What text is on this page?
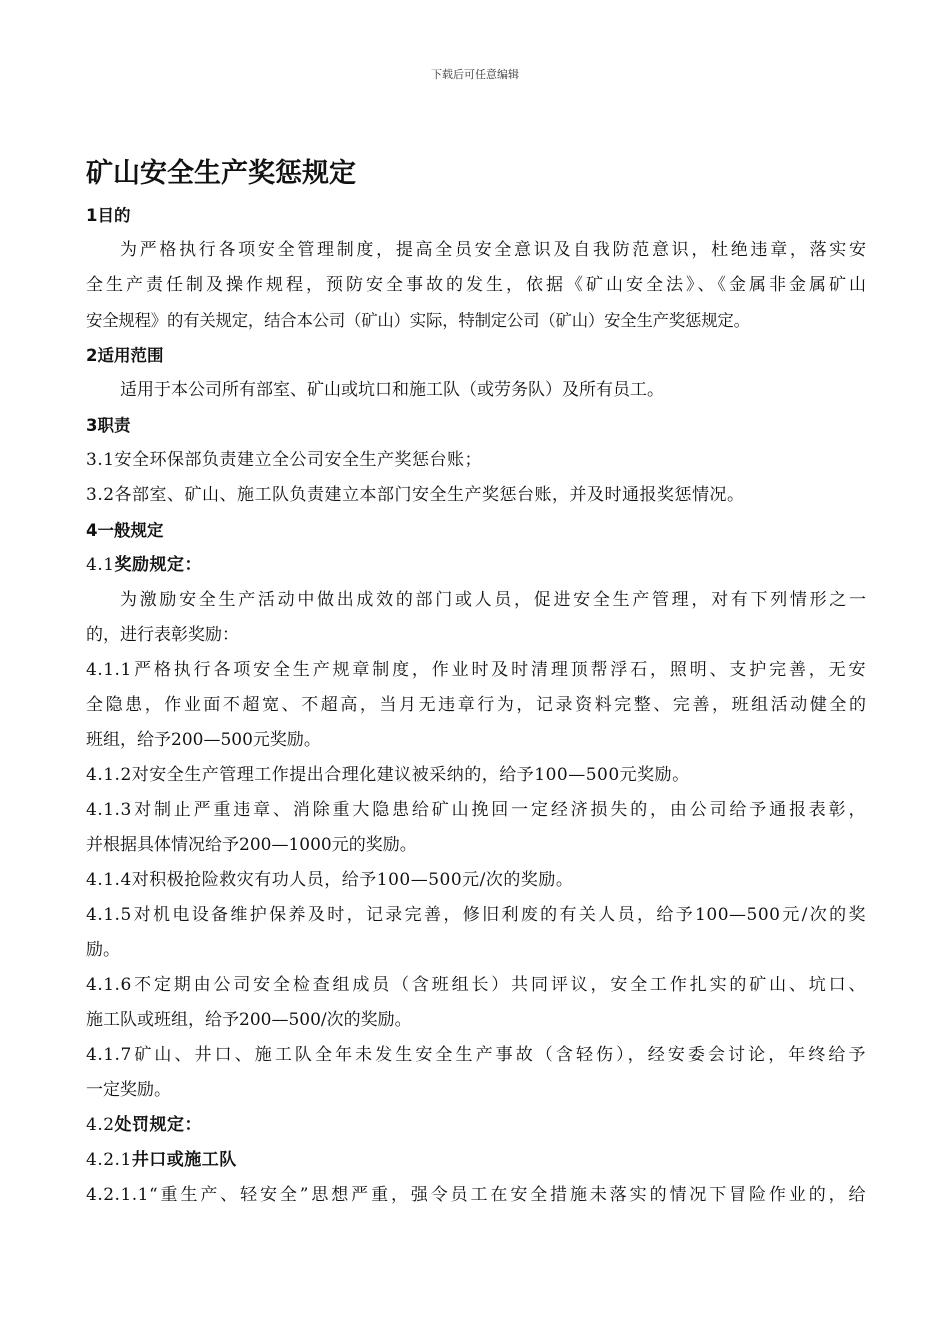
下载后可任意编辑
矿山安全生产奖惩规定
1目的
为严格执行各项安全管理制度，提高全员安全意识及自我防范意识，杜绝违章，落实安
全生产责任制及操作规程，预防安全事故的发生，依据《矿山安全法》、《金属非金属矿山
安全规程》的有关规定，结合本公司（矿山）实际，特制定公司（矿山）安全生产奖惩规定。
2适用范围
适用于本公司所有部室、矿山或坑口和施工队（或劳务队）及所有员工。
3职责
3.1安全环保部负责建立全公司安全生产奖惩台账；
3.2各部室、矿山、施工队负责建立本部门安全生产奖惩台账，并及时通报奖惩情况。
4一般规定
4.1奖励规定：
为激励安全生产活动中做出成效的部门或人员，促进安全生产管理，对有下列情形之一
的，进行表彰奖励：
4.1.1严格执行各项安全生产规章制度，作业时及时清理顶帮浮石，照明、支护完善，无安
全隐患，作业面不超宽、不超高，当月无违章行为，记录资料完整、完善，班组活动健全的
班组，给予200—500元奖励。
4.1.2对安全生产管理工作提出合理化建议被采纳的，给予100—500元奖励。
4.1.3对制止严重违章、消除重大隐患给矿山挽回一定经济损失的，由公司给予通报表彰，
并根据具体情况给予200—1000元的奖励。
4.1.4对积极抢险救灾有功人员，给予100—500元/次的奖励。
4.1.5对机电设备维护保养及时，记录完善，修旧利废的有关人员，给予100—500元/次的奖
励。
4.1.6不定期由公司安全检查组成员（含班组长）共同评议，安全工作扎实的矿山、坑口、
施工队或班组，给予200—500/次的奖励。
4.1.7矿山、井口、施工队全年未发生安全生产事故（含轻伤），经安委会讨论，年终给予
一定奖励。
4.2处罚规定：
4.2.1井口或施工队
4.2.1.1“重生产、轻安全”思想严重，强令员工在安全措施未落实的情况下冒险作业的，给
